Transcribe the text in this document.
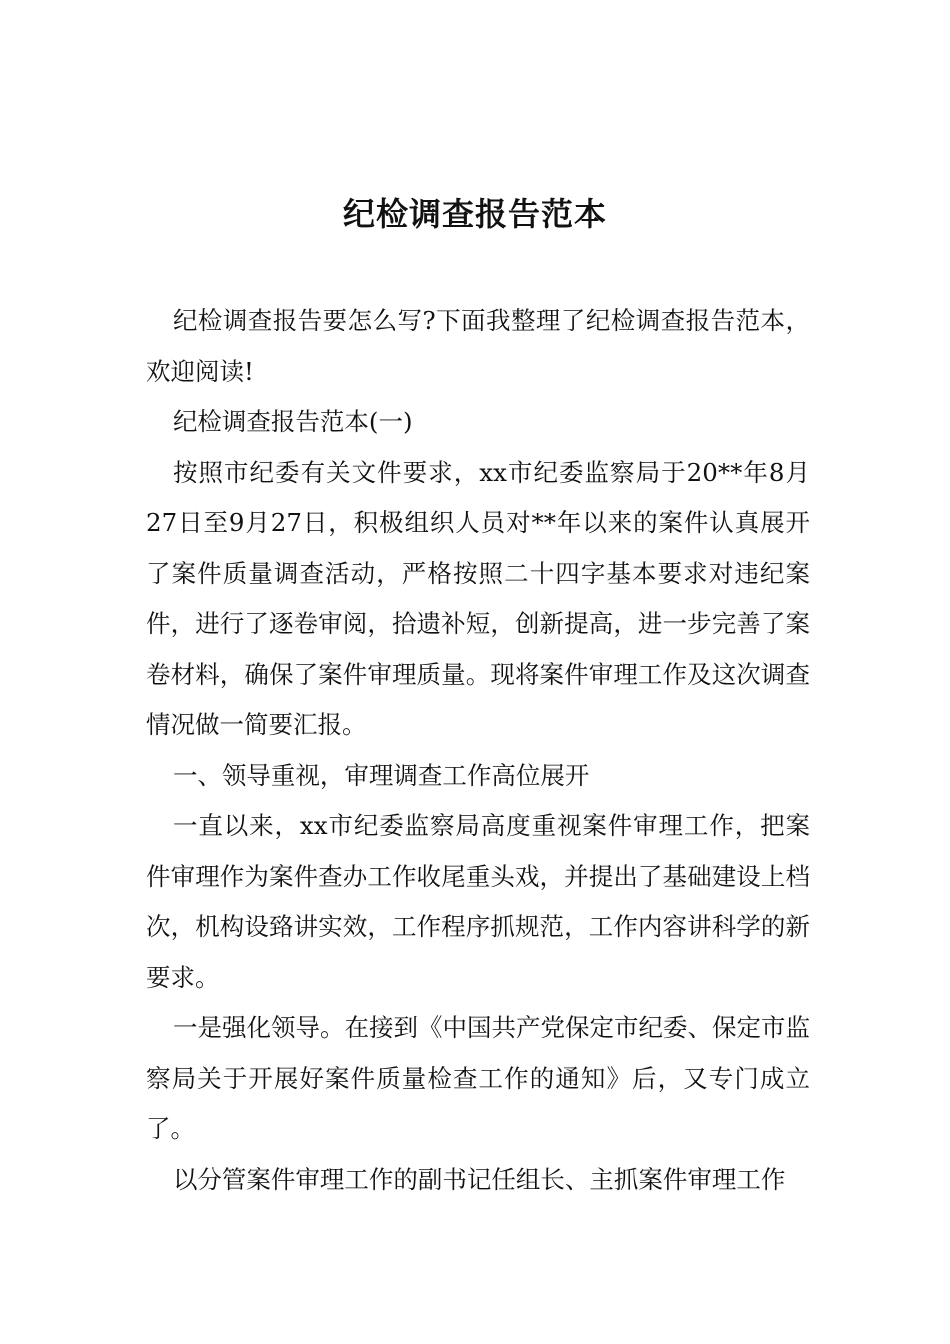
纪检调查报告范本

纪检调查报告要怎么写?下面我整理了纪检调查报告范本，欢迎阅读!

纪检调查报告范本(一)

按照市纪委有关文件要求，xx市纪委监察局于20**年8月27日至9月27日，积极组织人员对**年以来的案件认真展开了案件质量调查活动，严格按照二十四字基本要求对违纪案件，进行了逐卷审阅，拾遗补短，创新提高，进一步完善了案卷材料，确保了案件审理质量。现将案件审理工作及这次调查情况做一简要汇报。

一、领导重视，审理调查工作高位展开

一直以来，xx市纪委监察局高度重视案件审理工作，把案件审理作为案件查办工作收尾重头戏，并提出了基础建设上档次，机构设臵讲实效，工作程序抓规范，工作内容讲科学的新要求。

一是强化领导。在接到《中国共产党保定市纪委、保定市监察局关于开展好案件质量检查工作的通知》后，又专门成立了。

以分管案件审理工作的副书记任组长、主抓案件审理工作
